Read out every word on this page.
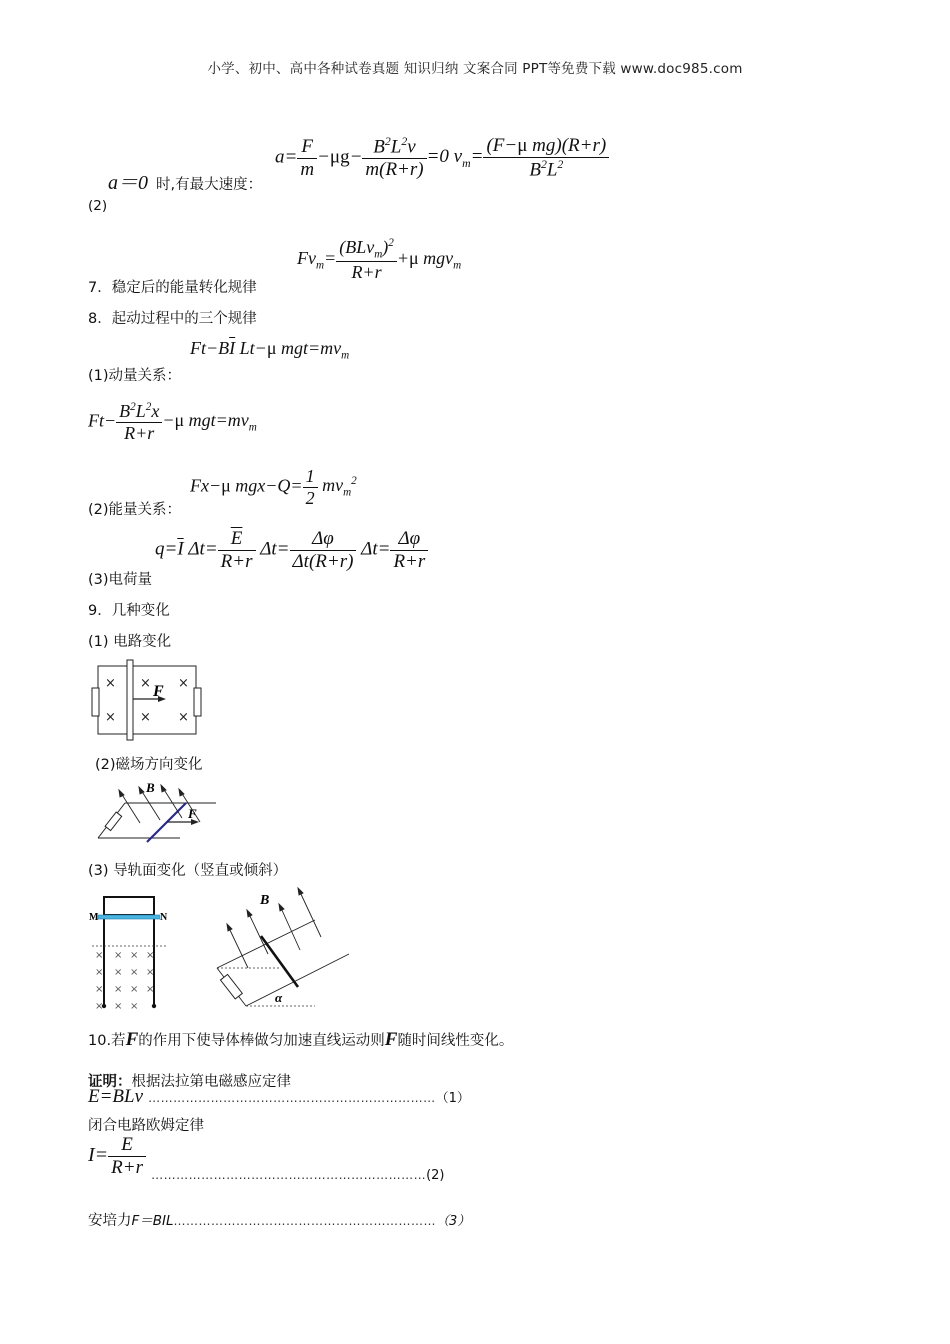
小学、初中、高中各种试卷真题 知识归纳 文案合同 PPT等免费下载 www.doc985.com
a＝0 时,有最大速度：
(2)
$a= \frac{F}{m} -\mu g- \frac{B^2L^2v}{m(R+r)} =0$ $v_m= \frac{\text{(F−μ mg)(R+r)}}{B^2L^2}$
7．稳定后的能量转化规律
$Fv_m= \frac{(BLv_m)^2}{R+r} +\mu$ mgv$_m$
8．起动过程中的三个规律
$Ft-B\overline{I}$ Lt−μ $mgt=mv_m$
(1)动量关系：
$Ft- \frac{B^2L^2x}{R+r} -\mu$ $mgt=mv_m$
Fx−μ $mgx-Q= \frac{1}{2} mv_m^2$
(2)能量关系：
$q=\overline{I}$ $\Delta t= \frac{\overline{E}}{R+r} \Delta t= \frac{\Delta\varphi}{\Delta t(R+r)} \Delta t= \frac{\Delta\varphi}{R+r}$
(3)电荷量
9．几种变化
(1) 电路变化
× × ×
× × ×
F
(2)磁场方向变化
B
F
(3) 导轨面变化（竖直或倾斜）
× × × ×
× × × ×
× × × ×
× × ×
M	N
B
α
10.若F的作用下使导体棒做匀加速直线运动则F随时间线性变化。
证明：根据法拉第电磁感应定律
E=BLv ……………………………………………………………（1）
闭合电路欧姆定律
$I= \frac{E}{R+r} _{\dots\dots\dots\dots\dots\dots\dots\dots\dots\dots\dots\dots\dots\dots\dots\dots\dots\dots\dots\dots\dots\dots(2)}$
安培力F＝BIL………………………………………………………（3）
